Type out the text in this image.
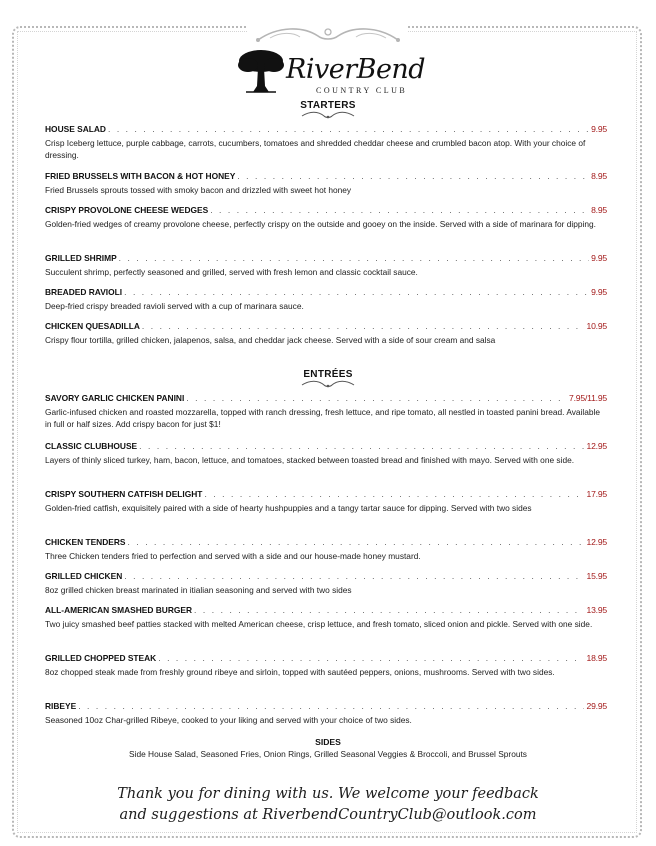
RiverBend
COUNTRY CLUB
STARTERS
HOUSE SALAD . . .	9.95
Crisp Iceberg lettuce, purple cabbage, carrots, cucumbers, tomatoes and shredded cheddar cheese and crumbled bacon atop. With your choice of dressing.
FRIED BRUSSELS WITH BACON & HOT HONEY . . .	8.95
Fried Brussels sprouts tossed with smoky bacon and drizzled with sweet hot honey
CRISPY PROVOLONE CHEESE WEDGES . . .	8.95
Golden-fried wedges of creamy provolone cheese, perfectly crispy on the outside and gooey on the inside. Served with a side of marinara for dipping.
GRILLED SHRIMP . . .	9.95
Succulent shrimp, perfectly seasoned and grilled, served with fresh lemon and classic cocktail sauce.
BREADED RAVIOLI . . .	9.95
Deep-fried crispy breaded ravioli served with a cup of marinara sauce.
CHICKEN QUESADILLA . . .	10.95
Crispy flour tortilla, grilled chicken, jalapenos, salsa, and cheddar jack cheese. Served with a side of sour cream and salsa
ENTRÉES
SAVORY GARLIC CHICKEN PANINI . . .	7.95/11.95
Garlic-infused chicken and roasted mozzarella, topped with ranch dressing, fresh lettuce, and ripe tomato, all nestled in toasted panini bread. Available in full or half sizes. Add crispy bacon for just $1!
CLASSIC CLUBHOUSE . . .	12.95
Layers of thinly sliced turkey, ham, bacon, lettuce, and tomatoes, stacked between toasted bread and finished with mayo. Served with one side.
CRISPY SOUTHERN CATFISH DELIGHT . . .	17.95
Golden-fried catfish, exquisitely paired with a side of hearty hushpuppies and a tangy tartar sauce for dipping. Served with two sides
CHICKEN TENDERS . . .	12.95
Three Chicken tenders fried to perfection and served with a side and our house-made honey mustard.
GRILLED CHICKEN . . .	15.95
8oz grilled chicken breast marinated in itialian seasoning and served with two sides
ALL-AMERICAN SMASHED BURGER . . .	13.95
Two juicy smashed beef patties stacked with melted American cheese, crisp lettuce, and fresh tomato, sliced onion and pickle. Served with one side.
GRILLED CHOPPED STEAK . . .	18.95
8oz chopped steak made from freshly ground ribeye and sirloin, topped with sautéed peppers, onions, mushrooms. Served with two sides.
RIBEYE . . .	29.95
Seasoned 10oz Char-grilled Ribeye, cooked to your liking and served with your choice of two sides.
SIDES
Side House Salad, Seasoned Fries, Onion Rings, Grilled Seasonal Veggies & Broccoli, and Brussel Sprouts
Thank you for dining with us. We welcome your feedback
and suggestions at RiverbendCountryClub@outlook.com
